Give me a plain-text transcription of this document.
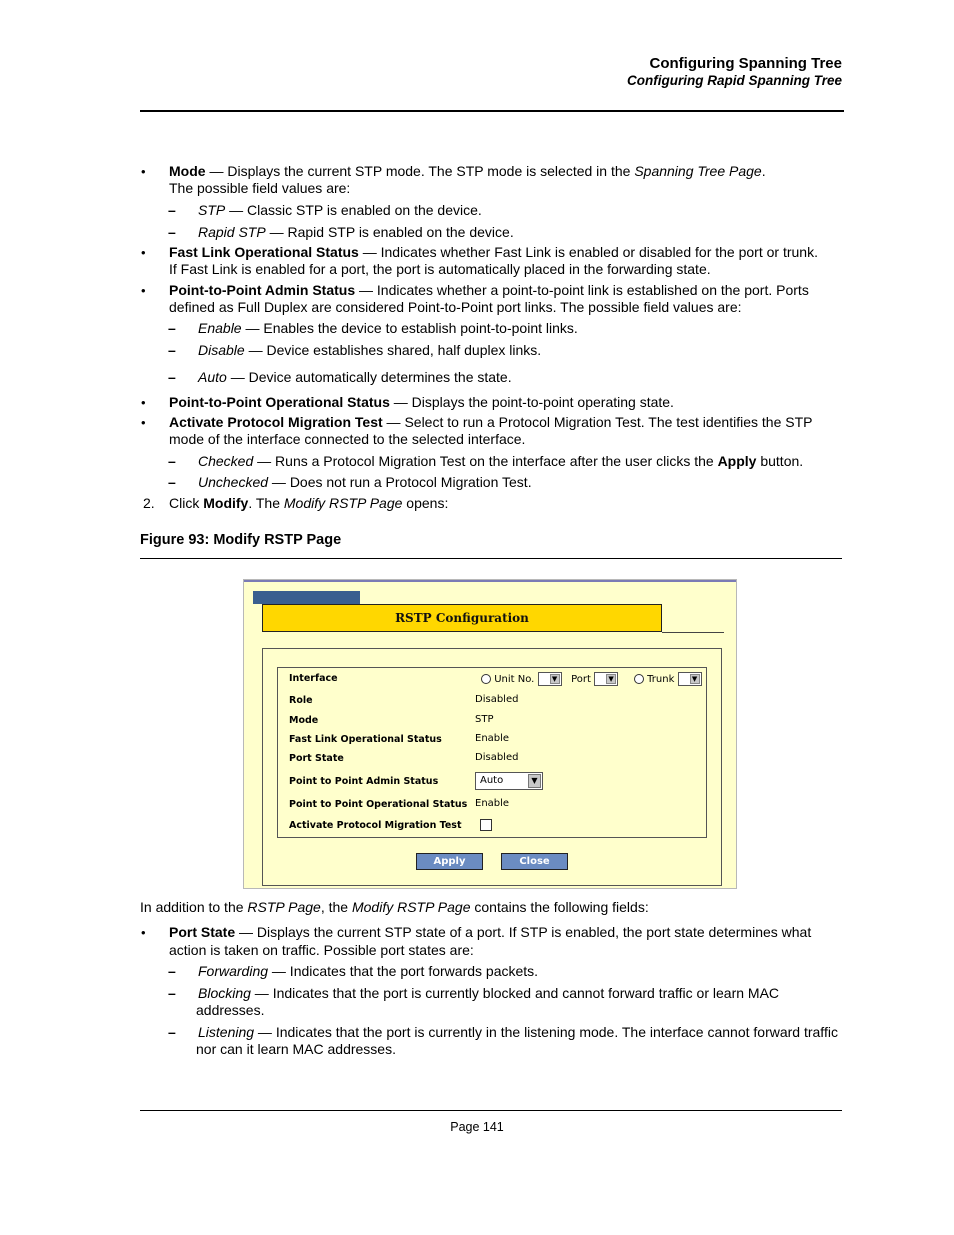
Configuring Spanning Tree
Configuring Rapid Spanning Tree
• Mode — Displays the current STP mode. The STP mode is selected in the Spanning Tree Page.
The possible field values are:
– STP — Classic STP is enabled on the device.
– Rapid STP — Rapid STP is enabled on the device.
• Fast Link Operational Status — Indicates whether Fast Link is enabled or disabled for the port or trunk.
If Fast Link is enabled for a port, the port is automatically placed in the forwarding state.
• Point-to-Point Admin Status — Indicates whether a point-to-point link is established on the port. Ports
defined as Full Duplex are considered Point-to-Point port links. The possible field values are:
– Enable — Enables the device to establish point-to-point links.
– Disable — Device establishes shared, half duplex links.
– Auto — Device automatically determines the state.
• Point-to-Point Operational Status — Displays the point-to-point operating state.
• Activate Protocol Migration Test — Select to run a Protocol Migration Test. The test identifies the STP
mode of the interface connected to the selected interface.
– Checked — Runs a Protocol Migration Test on the interface after the user clicks the Apply button.
– Unchecked — Does not run a Protocol Migration Test.
2. Click Modify. The Modify RSTP Page opens:
Figure 93: Modify RSTP Page
RSTP Configuration
Interface	Unit No.	▼ Port	▼	Trunk	▼
Role	Disabled
Mode	STP
Fast Link Operational Status	Enable
Port State	Disabled
Point to Point Admin Status	Auto	▼
Point to Point Operational Status Enable
Activate Protocol Migration Test
Apply	Close
In addition to the RSTP Page, the Modify RSTP Page contains the following fields:
• Port State — Displays the current STP state of a port. If STP is enabled, the port state determines what
action is taken on traffic. Possible port states are:
– Forwarding — Indicates that the port forwards packets.
– Blocking — Indicates that the port is currently blocked and cannot forward traffic or learn MAC
addresses.
– Listening — Indicates that the port is currently in the listening mode. The interface cannot forward traffic
nor can it learn MAC addresses.
Page 141
